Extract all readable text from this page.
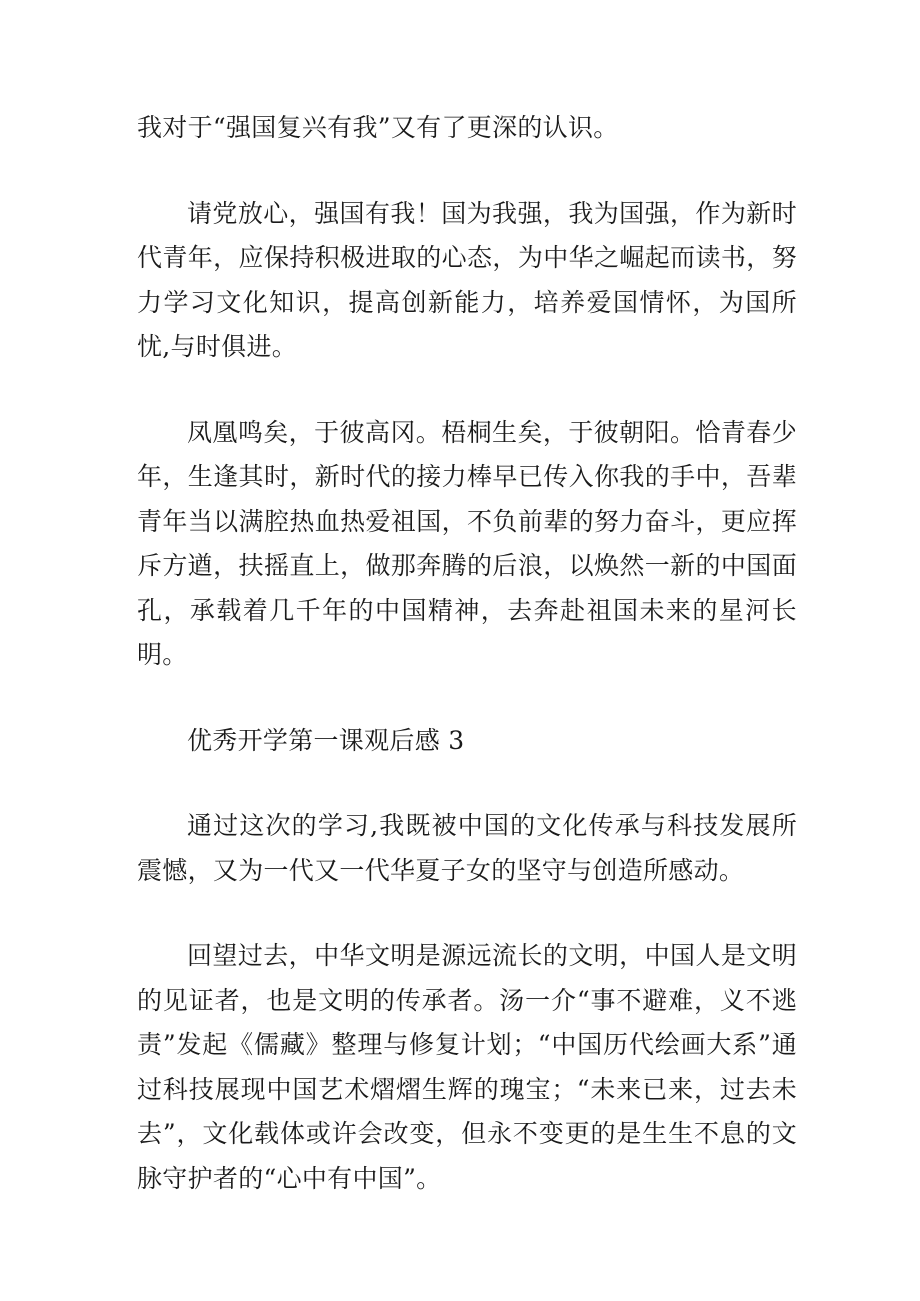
我对于“强国复兴有我”又有了更深的认识。

请党放心，强国有我！国为我强，我为国强，作为新时代青年，应保持积极进取的心态，为中华之崛起而读书，努力学习文化知识，提高创新能力，培养爱国情怀，为国所忧,与时俱进。

凤凰鸣矣，于彼高冈。梧桐生矣，于彼朝阳。恰青春少年，生逢其时，新时代的接力棒早已传入你我的手中，吾辈青年当以满腔热血热爱祖国，不负前辈的努力奋斗，更应挥斥方遒，扶摇直上，做那奔腾的后浪，以焕然一新的中国面孔，承载着几千年的中国精神，去奔赴祖国未来的星河长明。

优秀开学第一课观后感 3

通过这次的学习,我既被中国的文化传承与科技发展所震憾，又为一代又一代华夏子女的坚守与创造所感动。

回望过去，中华文明是源远流长的文明，中国人是文明的见证者，也是文明的传承者。汤一介“事不避难，义不逃责”发起《儒藏》整理与修复计划；“中国历代绘画大系”通过科技展现中国艺术熠熠生辉的瑰宝；“未来已来，过去未去”，文化载体或许会改变，但永不变更的是生生不息的文脉守护者的“心中有中国”。
